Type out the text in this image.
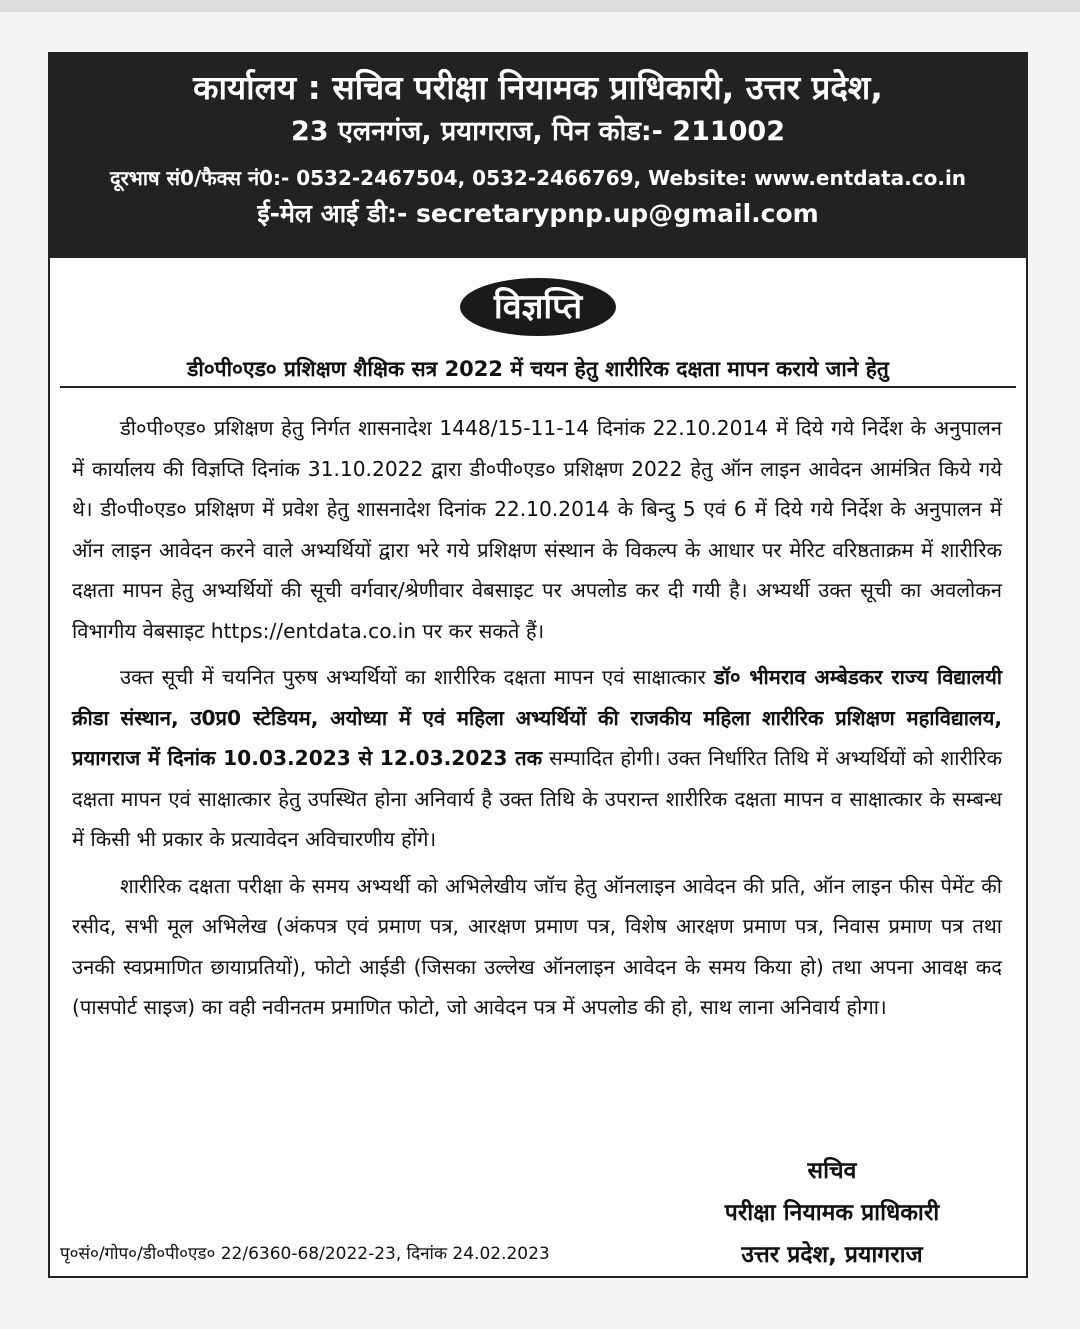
कार्यालय : सचिव परीक्षा नियामक प्राधिकारी, उत्तर प्रदेश,
23 एलनगंज, प्रयागराज, पिन कोड:- 211002
दूरभाष सं0/फैक्स नं0:- 0532-2467504, 0532-2466769, Website: www.entdata.co.in
ई-मेल आई डी:- secretarypnp.up@gmail.com
विज्ञप्ति
डी०पी०एड० प्रशिक्षण शैक्षिक सत्र 2022 में चयन हेतु शारीरिक दक्षता मापन कराये जाने हेतु

डी०पी०एड० प्रशिक्षण हेतु निर्गत शासनादेश 1448/15-11-14 दिनांक 22.10.2014 में दिये गये निर्देश के अनुपालन में कार्यालय की विज्ञप्ति दिनांक 31.10.2022 द्वारा डी०पी०एड० प्रशिक्षण 2022 हेतु ऑन लाइन आवेदन आमंत्रित किये गये थे। डी०पी०एड० प्रशिक्षण में प्रवेश हेतु शासनादेश दिनांक 22.10.2014 के बिन्दु 5 एवं 6 में दिये गये निर्देश के अनुपालन में ऑन लाइन आवेदन करने वाले अभ्यर्थियों द्वारा भरे गये प्रशिक्षण संस्थान के विकल्प के आधार पर मेरिट वरिष्ठताक्रम में शारीरिक दक्षता मापन हेतु अभ्यर्थियों की सूची वर्गवार/श्रेणीवार वेबसाइट पर अपलोड कर दी गयी है। अभ्यर्थी उक्त सूची का अवलोकन विभागीय वेबसाइट https://entdata.co.in पर कर सकते हैं।

उक्त सूची में चयनित पुरुष अभ्यर्थियों का शारीरिक दक्षता मापन एवं साक्षात्कार डॉ० भीमराव अम्बेडकर राज्य विद्यालयी क्रीडा संस्थान, उ0प्र0 स्टेडियम, अयोध्या में एवं महिला अभ्यर्थियों की राजकीय महिला शारीरिक प्रशिक्षण महाविद्यालय, प्रयागराज में दिनांक 10.03.2023 से 12.03.2023 तक सम्पादित होगी। उक्त निर्धारित तिथि में अभ्यर्थियों को शारीरिक दक्षता मापन एवं साक्षात्कार हेतु उपस्थित होना अनिवार्य है उक्त तिथि के उपरान्त शारीरिक दक्षता मापन व साक्षात्कार के सम्बन्ध में किसी भी प्रकार के प्रत्यावेदन अविचारणीय होंगे।

शारीरिक दक्षता परीक्षा के समय अभ्यर्थी को अभिलेखीय जॉच हेतु ऑनलाइन आवेदन की प्रति, ऑन लाइन फीस पेमेंट की रसीद, सभी मूल अभिलेख (अंकपत्र एवं प्रमाण पत्र, आरक्षण प्रमाण पत्र, विशेष आरक्षण प्रमाण पत्र, निवास प्रमाण पत्र तथा उनकी स्वप्रमाणित छायाप्रतियों), फोटो आईडी (जिसका उल्लेख ऑनलाइन आवेदन के समय किया हो) तथा अपना आवक्ष कद (पासपोर्ट साइज) का वही नवीनतम प्रमाणित फोटो, जो आवेदन पत्र में अपलोड की हो, साथ लाना अनिवार्य होगा।

सचिव
परीक्षा नियामक प्राधिकारी
उत्तर प्रदेश, प्रयागराज
पृ०सं०/गोप०/डी०पी०एड० 22/6360-68/2022-23, दिनांक 24.02.2023
